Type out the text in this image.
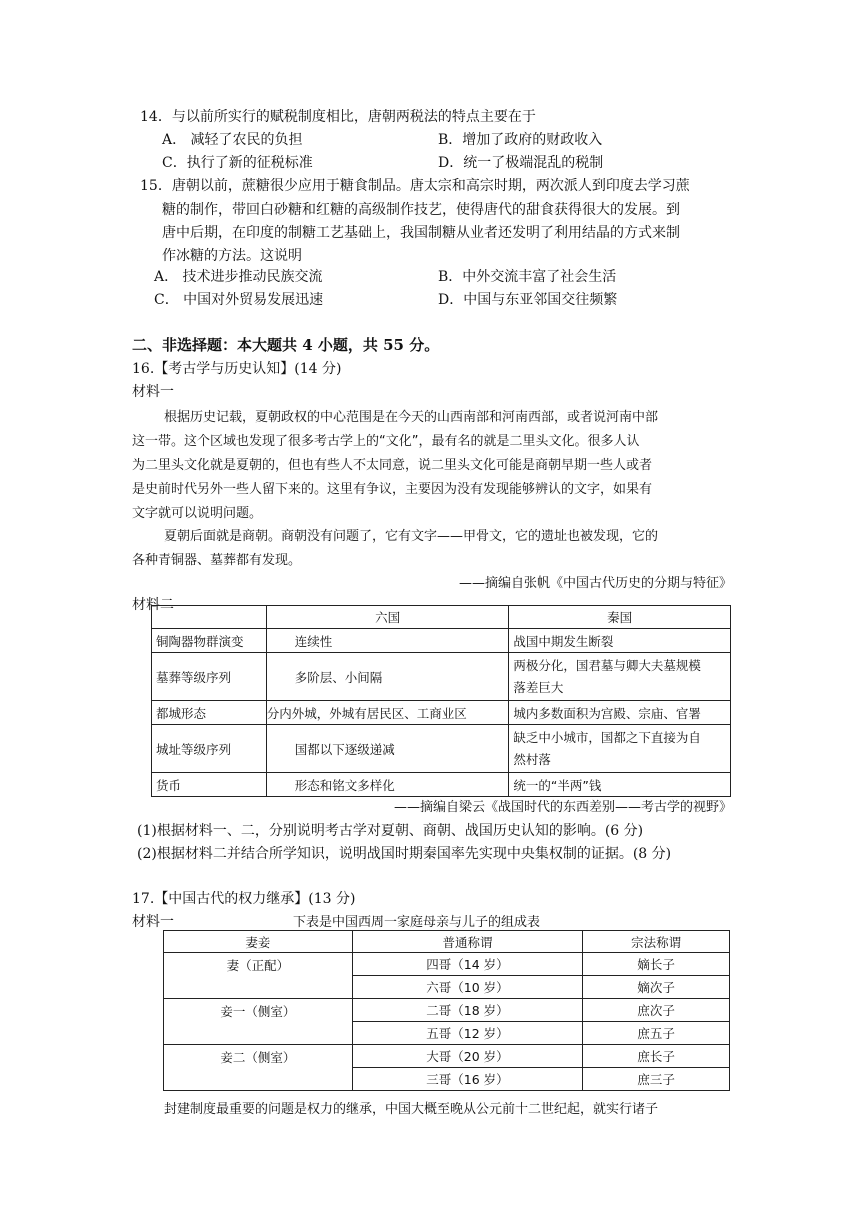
14．与以前所实行的赋税制度相比，唐朝两税法的特点主要在于
A． 减轻了农民的负担	B．增加了政府的财政收入
C．执行了新的征税标准	D．统一了极端混乱的税制
15．唐朝以前，蔗糖很少应用于糖食制品。唐太宗和高宗时期，两次派人到印度去学习蔗
糖的制作，带回白砂糖和红糖的高级制作技艺，使得唐代的甜食获得很大的发展。到
唐中后期，在印度的制糖工艺基础上，我国制糖从业者还发明了利用结晶的方式来制
作冰糖的方法。这说明
A． 技术进步推动民族交流	B．中外交流丰富了社会生活
C． 中国对外贸易发展迅速	D．中国与东亚邻国交往频繁
二、非选择题：本大题共 4 小题，共 55 分。
16.【考古学与历史认知】(14 分)
材料一
根据历史记载，夏朝政权的中心范围是在今天的山西南部和河南西部，或者说河南中部
这一带。这个区域也发现了很多考古学上的“文化”，最有名的就是二里头文化。很多人认
为二里头文化就是夏朝的，但也有些人不太同意，说二里头文化可能是商朝早期一些人或者
是史前时代另外一些人留下来的。这里有争议，主要因为没有发现能够辨认的文字，如果有
文字就可以说明问题。
夏朝后面就是商朝。商朝没有问题了，它有文字——甲骨文，它的遗址也被发现，它的
各种青铜器、墓葬都有发现。
——摘编自张帆《中国古代历史的分期与特征》
材料二
	六国	秦国
铜陶器物群演变	连续性	战国中期发生断裂
墓葬等级序列	多阶层、小间隔	两极分化，国君墓与卿大夫墓规模
落差巨大
都城形态	分内外城，外城有居民区、工商业区	城内多数面积为宫殿、宗庙、官署
城址等级序列	国都以下逐级递减	缺乏中小城市，国都之下直接为自
然村落
货币	形态和铭文多样化	统一的“半两”钱
——摘编自梁云《战国时代的东西差别——考古学的视野》
(1)根据材料一、二，分别说明考古学对夏朝、商朝、战国历史认知的影响。(6 分)
(2)根据材料二并结合所学知识，说明战国时期秦国率先实现中央集权制的证据。(8 分)
17.【中国古代的权力继承】(13 分)
材料一	下表是中国西周一家庭母亲与儿子的组成表
妻妾	普通称谓	宗法称谓
妻（正配）	四哥（14 岁）	嫡长子
	六哥（10 岁）	嫡次子
妾一（侧室）	二哥（18 岁）	庶次子
	五哥（12 岁）	庶五子
妾二（侧室）	大哥（20 岁）	庶长子
	三哥（16 岁）	庶三子
封建制度最重要的问题是权力的继承，中国大概至晚从公元前十二世纪起，就实行诸子
